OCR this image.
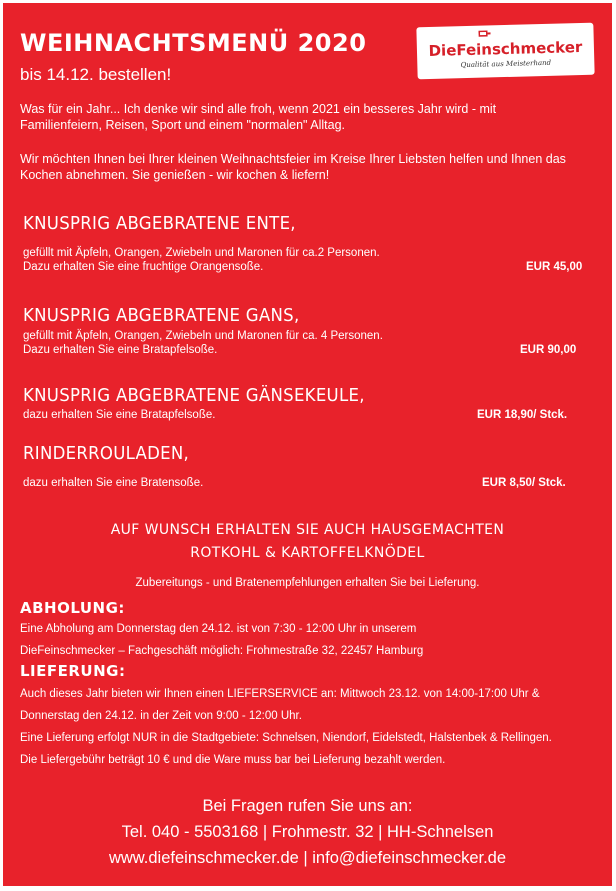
WEIHNACHTSMENÜ 2020
bis 14.12. bestellen!
DieFeinschmecker
Qualität aus Meisterhand
Was für ein Jahr... Ich denke wir sind alle froh, wenn 2021 ein besseres Jahr wird - mit Familienfeiern, Reisen, Sport und einem "normalen" Alltag.
Wir möchten Ihnen bei Ihrer kleinen Weihnachtsfeier im Kreise Ihrer Liebsten helfen und Ihnen das Kochen abnehmen. Sie genießen - wir kochen & liefern!
KNUSPRIG ABGEBRATENE ENTE,
gefüllt mit Äpfeln, Orangen, Zwiebeln und Maronen für ca.2 Personen.
Dazu erhalten Sie eine fruchtige Orangensoße.	EUR 45,00
KNUSPRIG ABGEBRATENE GANS,
gefüllt mit Äpfeln, Orangen, Zwiebeln und Maronen für ca. 4 Personen.
Dazu erhalten Sie eine Bratapfelsoße.	EUR 90,00
KNUSPRIG ABGEBRATENE GÄNSEKEULE,
dazu erhalten Sie eine Bratapfelsoße.	EUR 18,90/ Stck.
RINDERROULADEN,
dazu erhalten Sie eine Bratensoße.	EUR 8,50/ Stck.
AUF WUNSCH ERHALTEN SIE AUCH HAUSGEMACHTEN
ROTKOHL & KARTOFFELKNÖDEL
Zubereitungs - und Bratenempfehlungen erhalten Sie bei Lieferung.
ABHOLUNG:
Eine Abholung am Donnerstag den 24.12. ist von 7:30 - 12:00 Uhr in unserem
DieFeinschmecker – Fachgeschäft möglich: Frohmestraße 32, 22457 Hamburg
LIEFERUNG:
Auch dieses Jahr bieten wir Ihnen einen LIEFERSERVICE an: Mittwoch 23.12. von 14:00-17:00 Uhr &
Donnerstag den 24.12. in der Zeit von 9:00 - 12:00 Uhr.
Eine Lieferung erfolgt NUR in die Stadtgebiete: Schnelsen, Niendorf, Eidelstedt, Halstenbek & Rellingen.
Die Liefergebühr beträgt 10 € und die Ware muss bar bei Lieferung bezahlt werden.
Bei Fragen rufen Sie uns an:
Tel. 040 - 5503168 | Frohmestr. 32 | HH-Schnelsen
www.diefeinschmecker.de | info@diefeinschmecker.de
